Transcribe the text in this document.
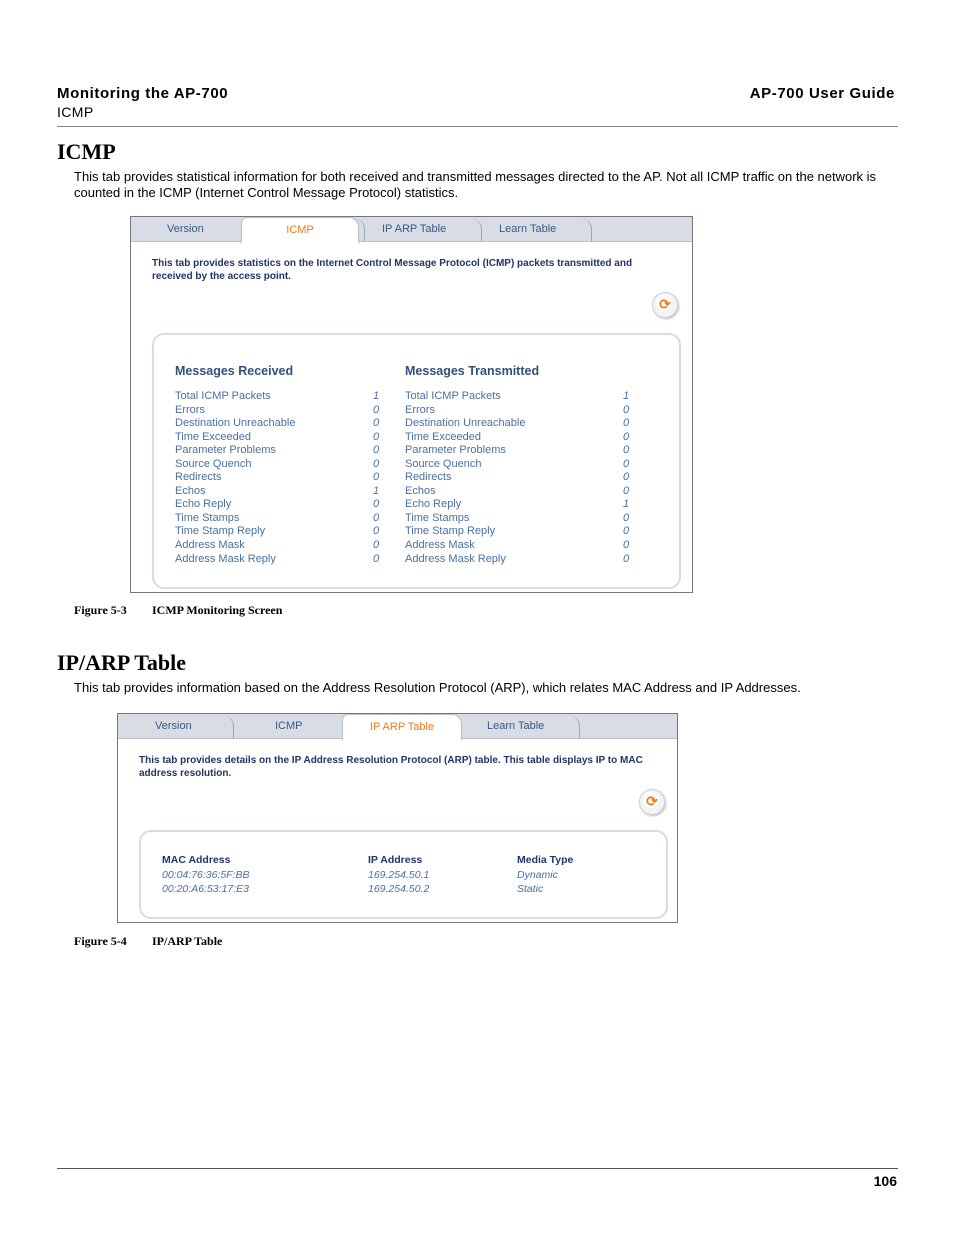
Monitoring the AP-700
ICMP
AP-700 User Guide
ICMP

This tab provides statistical information for both received and transmitted messages directed to the AP. Not all ICMP traffic on the network is counted in the ICMP (Internet Control Message Protocol) statistics.

Version	ICMP	IP ARP Table	Learn Table
This tab provides statistics on the Internet Control Message Protocol (ICMP) packets transmitted and received by the access point.
⟳
Messages Received
Total ICMP Packets	1
Errors	0
Destination Unreachable	0
Time Exceeded	0
Parameter Problems	0
Source Quench	0
Redirects	0
Echos	1
Echo Reply	0
Time Stamps	0
Time Stamp Reply	0
Address Mask	0
Address Mask Reply	0
Messages Transmitted
Total ICMP Packets	1
Errors	0
Destination Unreachable	0
Time Exceeded	0
Parameter Problems	0
Source Quench	0
Redirects	0
Echos	0
Echo Reply	1
Time Stamps	0
Time Stamp Reply	0
Address Mask	0
Address Mask Reply	0
Figure 5-3 ICMP Monitoring Screen
IP/ARP Table

This tab provides information based on the Address Resolution Protocol (ARP), which relates MAC Address and IP Addresses.

Version	ICMP	IP ARP Table	Learn Table
This tab provides details on the IP Address Resolution Protocol (ARP) table. This table displays IP to MAC address resolution.
⟳
MAC Address	IP Address	Media Type
00:04:76:36:5F:BB	169.254.50.1	Dynamic
00:20:A6:53:17:E3	169.254.50.2	Static
Figure 5-4 IP/ARP Table
106
